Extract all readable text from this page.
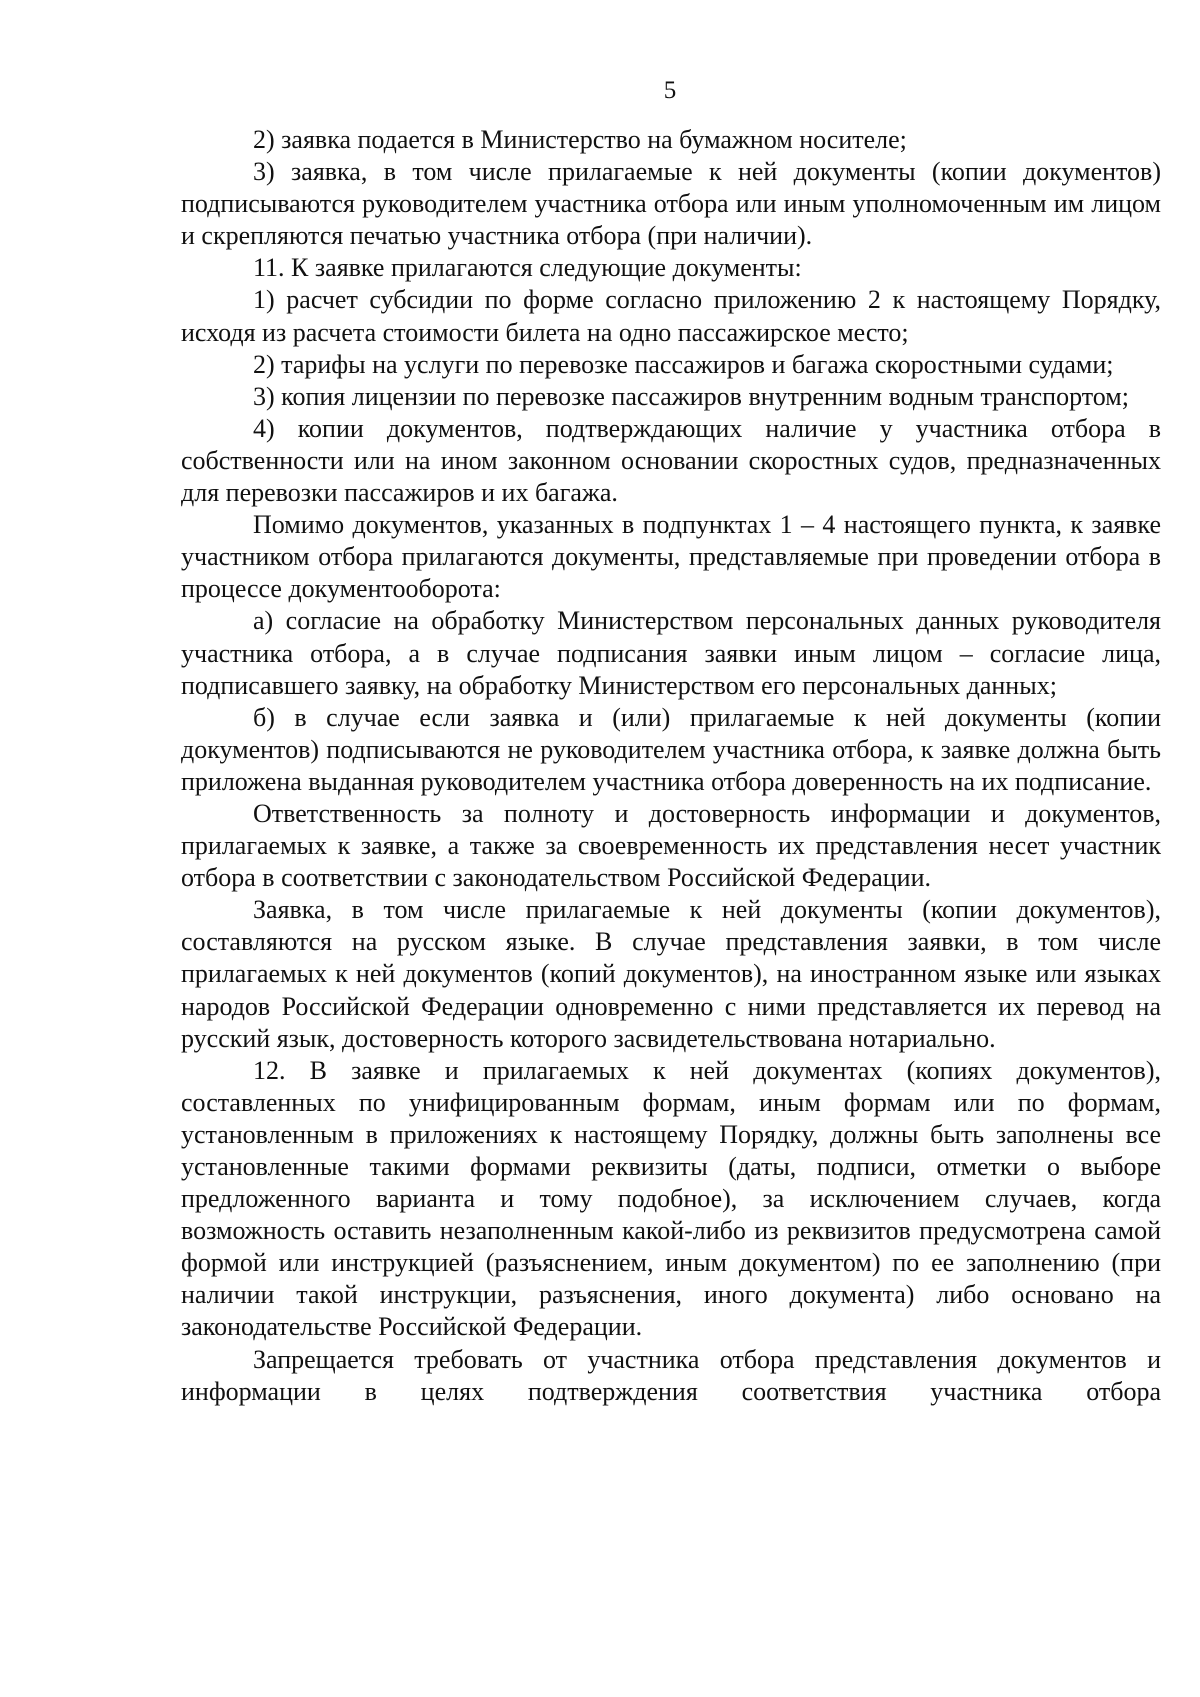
5

2) заявка подается в Министерство на бумажном носителе;

3) заявка, в том числе прилагаемые к ней документы (копии документов) подписываются руководителем участника отбора или иным уполномоченным им лицом и скрепляются печатью участника отбора (при наличии).

11. К заявке прилагаются следующие документы:

1) расчет субсидии по форме согласно приложению 2 к настоящему Порядку, исходя из расчета стоимости билета на одно пассажирское место;

2) тарифы на услуги по перевозке пассажиров и багажа скоростными судами;

3) копия лицензии по перевозке пассажиров внутренним водным транспортом;

4) копии документов, подтверждающих наличие у участника отбора в собственности или на ином законном основании скоростных судов, предназначенных для перевозки пассажиров и их багажа.

Помимо документов, указанных в подпунктах 1 – 4 настоящего пункта, к заявке участником отбора прилагаются документы, представляемые при проведении отбора в процессе документооборота:

а) согласие на обработку Министерством персональных данных руководителя участника отбора, а в случае подписания заявки иным лицом – согласие лица, подписавшего заявку, на обработку Министерством его персональных данных;

б) в случае если заявка и (или) прилагаемые к ней документы (копии документов) подписываются не руководителем участника отбора, к заявке должна быть приложена выданная руководителем участника отбора доверенность на их подписание.

Ответственность за полноту и достоверность информации и документов, прилагаемых к заявке, а также за своевременность их представления несет участник отбора в соответствии с законодательством Российской Федерации.

Заявка, в том числе прилагаемые к ней документы (копии документов), составляются на русском языке. В случае представления заявки, в том числе прилагаемых к ней документов (копий документов), на иностранном языке или языках народов Российской Федерации одновременно с ними представляется их перевод на русский язык, достоверность которого засвидетельствована нотариально.

12. В заявке и прилагаемых к ней документах (копиях документов), составленных по унифицированным формам, иным формам или по формам, установленным в приложениях к настоящему Порядку, должны быть заполнены все установленные такими формами реквизиты (даты, подписи, отметки о выборе предложенного варианта и тому подобное), за исключением случаев, когда возможность оставить незаполненным какой-либо из реквизитов предусмотрена самой формой или инструкцией (разъяснением, иным документом) по ее заполнению (при наличии такой инструкции, разъяснения, иного документа) либо основано на законодательстве Российской Федерации.

Запрещается требовать от участника отбора представления документов и информации в целях подтверждения соответствия участника отбора
